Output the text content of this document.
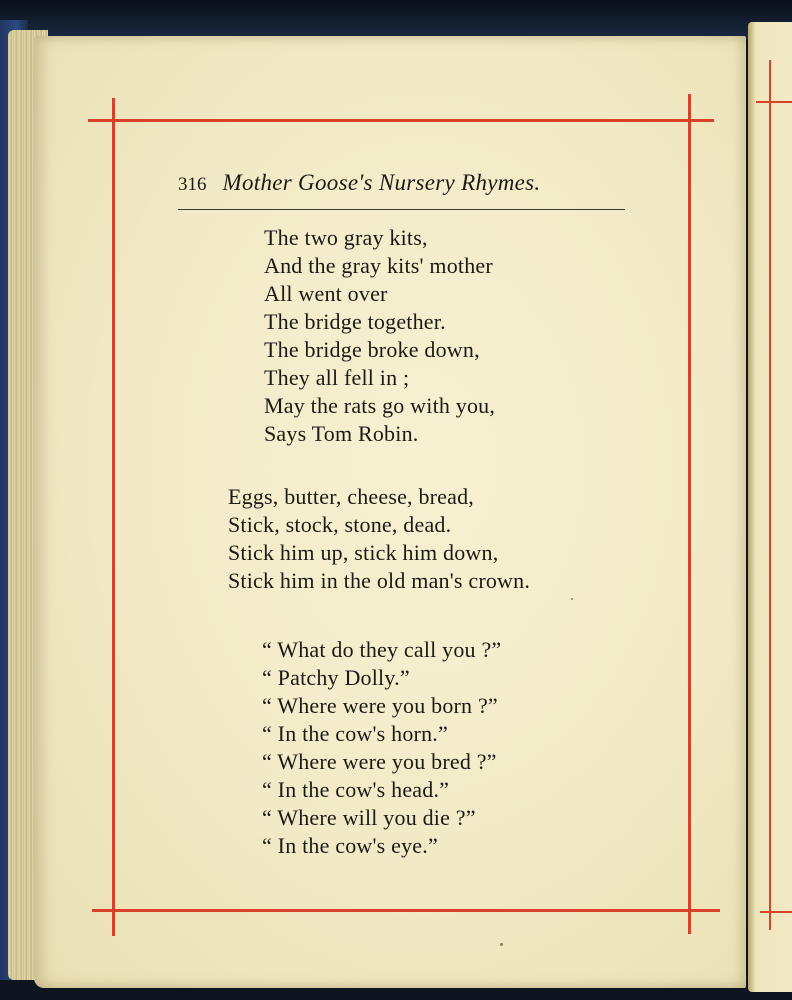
316 Mother Goose's Nursery Rhymes.
The two gray kits,
And the gray kits' mother
All went over
The bridge together.
The bridge broke down,
They all fell in ;
May the rats go with you,
Says Tom Robin.
Eggs, butter, cheese, bread,
Stick, stock, stone, dead.
Stick him up, stick him down,
Stick him in the old man's crown.
“ What do they call you ?”
“ Patchy Dolly.”
“ Where were you born ?”
“ In the cow's horn.”
“ Where were you bred ?”
“ In the cow's head.”
“ Where will you die ?”
“ In the cow's eye.”
